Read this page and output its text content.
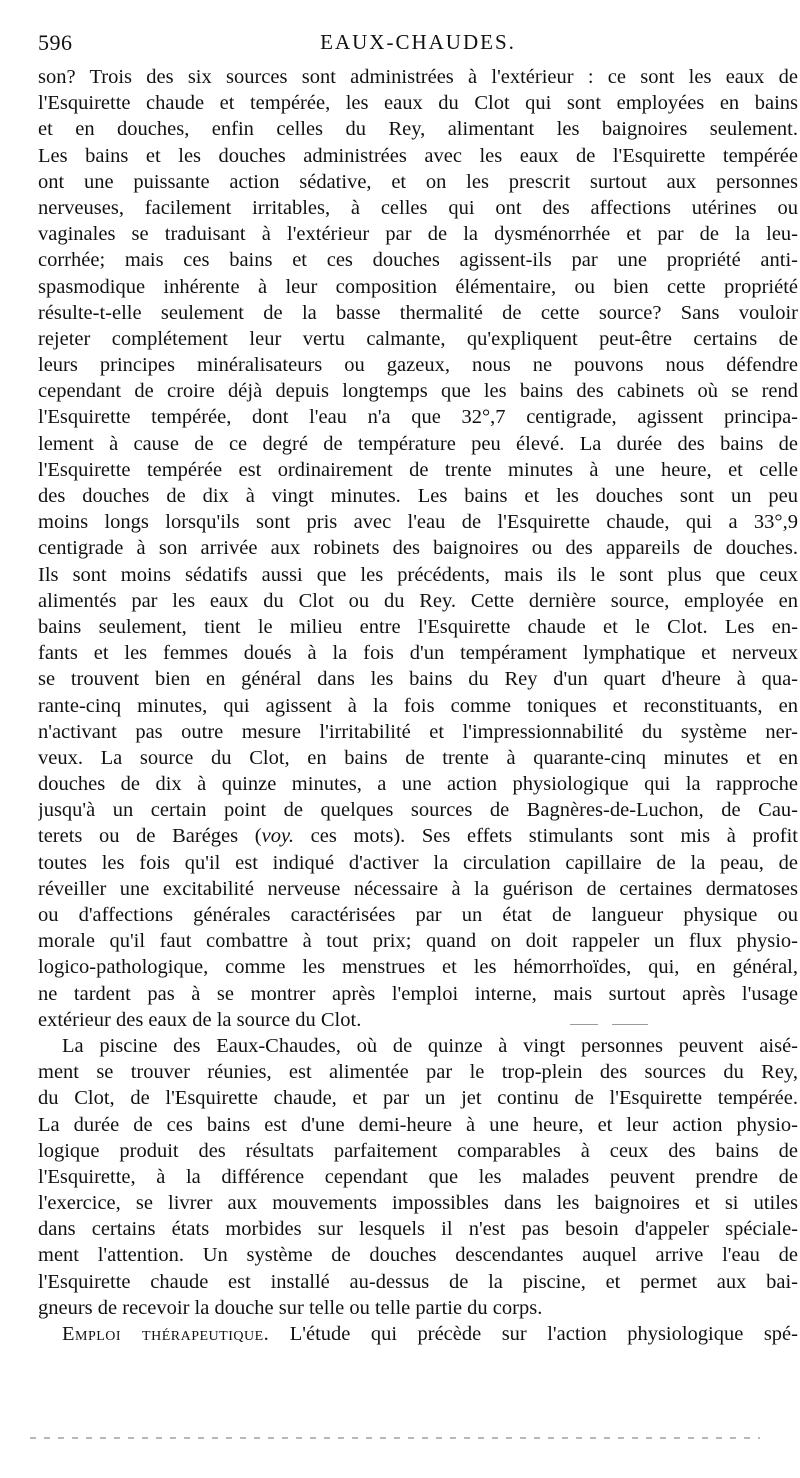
596	EAUX-CHAUDES.
son? Trois des six sources sont administrées à l'extérieur : ce sont les eaux de
l'Esquirette chaude et tempérée, les eaux du Clot qui sont employées en bains
et en douches, enfin celles du Rey, alimentant les baignoires seulement.
Les bains et les douches administrées avec les eaux de l'Esquirette tempérée
ont une puissante action sédative, et on les prescrit surtout aux personnes
nerveuses, facilement irritables, à celles qui ont des affections utérines ou
vaginales se traduisant à l'extérieur par de la dysménorrhée et par de la leu-
corrhée; mais ces bains et ces douches agissent-ils par une propriété anti-
spasmodique inhérente à leur composition élémentaire, ou bien cette propriété
résulte-t-elle seulement de la basse thermalité de cette source? Sans vouloir
rejeter complétement leur vertu calmante, qu'expliquent peut-être certains de
leurs principes minéralisateurs ou gazeux, nous ne pouvons nous défendre
cependant de croire déjà depuis longtemps que les bains des cabinets où se rend
l'Esquirette tempérée, dont l'eau n'a que 32°,7 centigrade, agissent principa-
lement à cause de ce degré de température peu élevé. La durée des bains de
l'Esquirette tempérée est ordinairement de trente minutes à une heure, et celle
des douches de dix à vingt minutes. Les bains et les douches sont un peu
moins longs lorsqu'ils sont pris avec l'eau de l'Esquirette chaude, qui a 33°,9
centigrade à son arrivée aux robinets des baignoires ou des appareils de douches.
Ils sont moins sédatifs aussi que les précédents, mais ils le sont plus que ceux
alimentés par les eaux du Clot ou du Rey. Cette dernière source, employée en
bains seulement, tient le milieu entre l'Esquirette chaude et le Clot. Les en-
fants et les femmes doués à la fois d'un tempérament lymphatique et nerveux
se trouvent bien en général dans les bains du Rey d'un quart d'heure à qua-
rante-cinq minutes, qui agissent à la fois comme toniques et reconstituants, en
n'activant pas outre mesure l'irritabilité et l'impressionnabilité du système ner-
veux. La source du Clot, en bains de trente à quarante-cinq minutes et en
douches de dix à quinze minutes, a une action physiologique qui la rapproche
jusqu'à un certain point de quelques sources de Bagnères-de-Luchon, de Cau-
terets ou de Baréges (voy. ces mots). Ses effets stimulants sont mis à profit
toutes les fois qu'il est indiqué d'activer la circulation capillaire de la peau, de
réveiller une excitabilité nerveuse nécessaire à la guérison de certaines dermatoses
ou d'affections générales caractérisées par un état de langueur physique ou
morale qu'il faut combattre à tout prix; quand on doit rappeler un flux physio-
logico-pathologique, comme les menstrues et les hémorrhoïdes, qui, en général,
ne tardent pas à se montrer après l'emploi interne, mais surtout après l'usage
extérieur des eaux de la source du Clot.
La piscine des Eaux-Chaudes, où de quinze à vingt personnes peuvent aisé-
ment se trouver réunies, est alimentée par le trop-plein des sources du Rey,
du Clot, de l'Esquirette chaude, et par un jet continu de l'Esquirette tempérée.
La durée de ces bains est d'une demi-heure à une heure, et leur action physio-
logique produit des résultats parfaitement comparables à ceux des bains de
l'Esquirette, à la différence cependant que les malades peuvent prendre de
l'exercice, se livrer aux mouvements impossibles dans les baignoires et si utiles
dans certains états morbides sur lesquels il n'est pas besoin d'appeler spéciale-
ment l'attention. Un système de douches descendantes auquel arrive l'eau de
l'Esquirette chaude est installé au-dessus de la piscine, et permet aux bai-
gneurs de recevoir la douche sur telle ou telle partie du corps.
Emploi thérapeutique. L'étude qui précède sur l'action physiologique spé-
